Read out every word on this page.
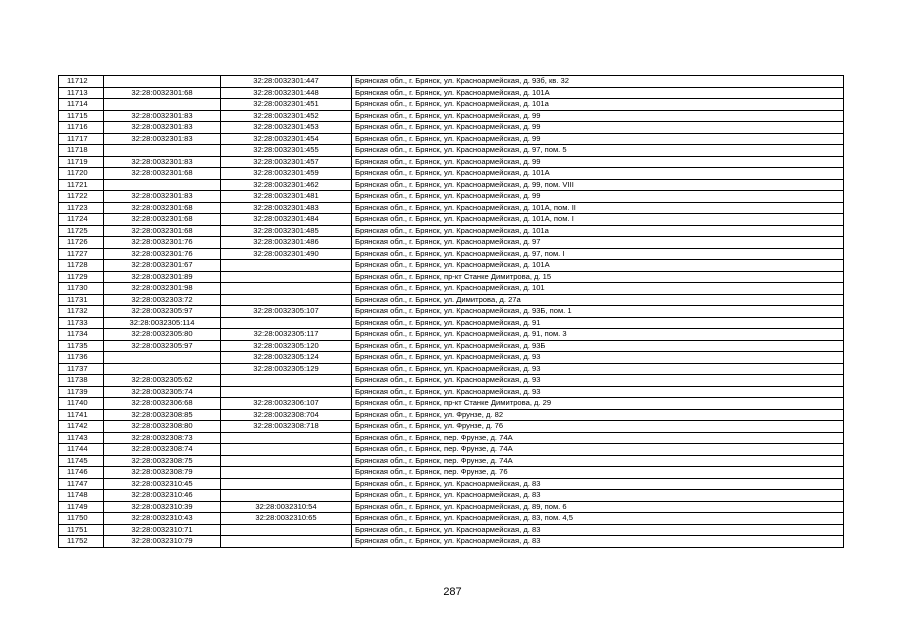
11712		32:28:0032301:447	Брянская обл., г. Брянск, ул. Красноармейская, д. 93б, кв. 32
11713	32:28:0032301:68	32:28:0032301:448	Брянская обл., г. Брянск, ул. Красноармейская, д. 101А
11714		32:28:0032301:451	Брянская обл., г. Брянск, ул. Красноармейская, д. 101а
11715	32:28:0032301:83	32:28:0032301:452	Брянская обл., г. Брянск, ул. Красноармейская, д. 99
11716	32:28:0032301:83	32:28:0032301:453	Брянская обл., г. Брянск, ул. Красноармейская, д. 99
11717	32:28:0032301:83	32:28:0032301:454	Брянская обл., г. Брянск, ул. Красноармейская, д. 99
11718		32:28:0032301:455	Брянская обл., г. Брянск, ул. Красноармейская, д. 97, пом. 5
11719	32:28:0032301:83	32:28:0032301:457	Брянская обл., г. Брянск, ул. Красноармейская, д. 99
11720	32:28:0032301:68	32:28:0032301:459	Брянская обл., г. Брянск, ул. Красноармейская, д. 101А
11721		32:28:0032301:462	Брянская обл., г. Брянск, ул. Красноармейская, д. 99, пом. VIII
11722	32:28:0032301:83	32:28:0032301:481	Брянская обл., г. Брянск, ул. Красноармейская, д. 99
11723	32:28:0032301:68	32:28:0032301:483	Брянская обл., г. Брянск, ул. Красноармейская, д. 101А, пом. II
11724	32:28:0032301:68	32:28:0032301:484	Брянская обл., г. Брянск, ул. Красноармейская, д. 101А, пом. I
11725	32:28:0032301:68	32:28:0032301:485	Брянская обл., г. Брянск, ул. Красноармейская, д. 101а
11726	32:28:0032301:76	32:28:0032301:486	Брянская обл., г. Брянск, ул. Красноармейская, д. 97
11727	32:28:0032301:76	32:28:0032301:490	Брянская обл., г. Брянск, ул. Красноармейская, д. 97, пом. I
11728	32:28:0032301:67		Брянская обл., г. Брянск, ул. Красноармейская, д. 101А
11729	32:28:0032301:89		Брянская обл., г. Брянск, пр-кт Станке Димитрова, д. 15
11730	32:28:0032301:98		Брянская обл., г. Брянск, ул. Красноармейская, д. 101
11731	32:28:0032303:72		Брянская обл., г. Брянск, ул. Димитрова, д. 27а
11732	32:28:0032305:97	32:28:0032305:107	Брянская обл., г. Брянск, ул. Красноармейская, д. 93Б, пом. 1
11733	32:28:0032305:114		Брянская обл., г. Брянск, ул. Красноармейская, д. 91
11734	32:28:0032305:80	32:28:0032305:117	Брянская обл., г. Брянск, ул. Красноармейская, д. 91, пом. 3
11735	32:28:0032305:97	32:28:0032305:120	Брянская обл., г. Брянск, ул. Красноармейская, д. 93Б
11736		32:28:0032305:124	Брянская обл., г. Брянск, ул. Красноармейская, д. 93
11737		32:28:0032305:129	Брянская обл., г. Брянск, ул. Красноармейская, д. 93
11738	32:28:0032305:62		Брянская обл., г. Брянск, ул. Красноармейская, д. 93
11739	32:28:0032305:74		Брянская обл., г. Брянск, ул. Красноармейская, д. 93
11740	32:28:0032306:68	32:28:0032306:107	Брянская обл., г. Брянск, пр-кт Станке Димитрова, д. 29
11741	32:28:0032308:85	32:28:0032308:704	Брянская обл., г. Брянск, ул. Фрунзе, д. 82
11742	32:28:0032308:80	32:28:0032308:718	Брянская обл., г. Брянск, ул. Фрунзе, д. 76
11743	32:28:0032308:73		Брянская обл., г. Брянск, пер. Фрунзе, д. 74А
11744	32:28:0032308:74		Брянская обл., г. Брянск, пер. Фрунзе, д. 74А
11745	32:28:0032308:75		Брянская обл., г. Брянск, пер. Фрунзе, д. 74А
11746	32:28:0032308:79		Брянская обл., г. Брянск, пер. Фрунзе, д. 76
11747	32:28:0032310:45		Брянская обл., г. Брянск, ул. Красноармейская, д. 83
11748	32:28:0032310:46		Брянская обл., г. Брянск, ул. Красноармейская, д. 83
11749	32:28:0032310:39	32:28:0032310:54	Брянская обл., г. Брянск, ул. Красноармейская, д. 89, пом. 6
11750	32:28:0032310:43	32:28:0032310:65	Брянская обл., г. Брянск, ул. Красноармейская, д. 83, пом. 4,5
11751	32:28:0032310:71		Брянская обл., г. Брянск, ул. Красноармейская, д. 83
11752	32:28:0032310:79		Брянская обл., г. Брянск, ул. Красноармейская, д. 83
287
